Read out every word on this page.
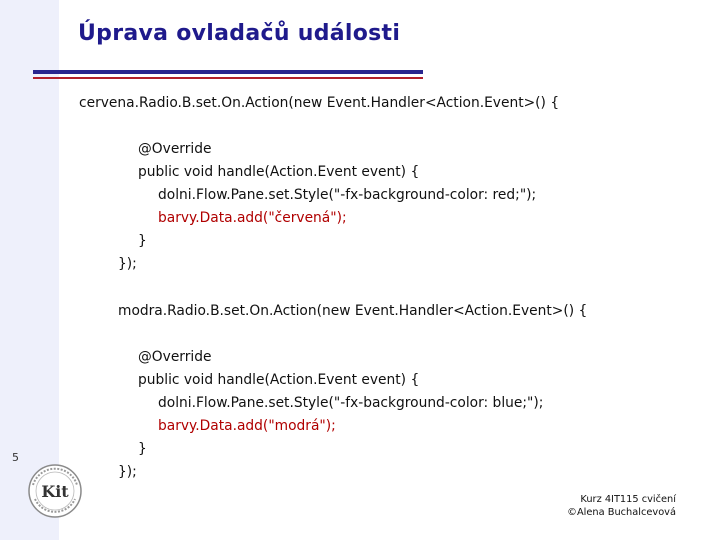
Úprava ovladačů události
cervena.Radio.B.set.On.Action(new Event.Handler<Action.Event>() {
@Override
public void handle(Action.Event event) {
dolni.Flow.Pane.set.Style("-fx-background-color: red;");
barvy.Data.add("červená");
}
});
modra.Radio.B.set.On.Action(new Event.Handler<Action.Event>() {
@Override
public void handle(Action.Event event) {
dolni.Flow.Pane.set.Style("-fx-background-color: blue;");
barvy.Data.add("modrá");
}
});
5
Kit	Kurz 4IT115 cvičení
©Alena Buchalcevová
